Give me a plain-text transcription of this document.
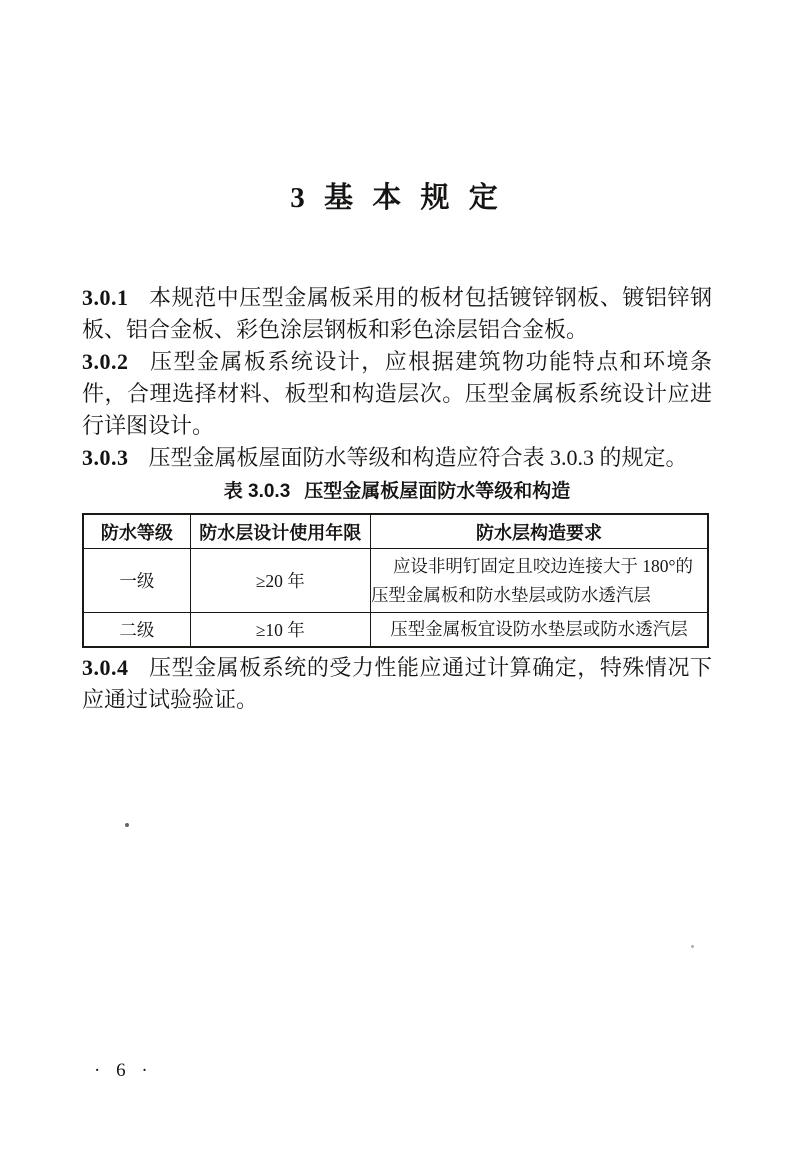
3 基 本 规 定

3.0.1 本规范中压型金属板采用的板材包括镀锌钢板、镀铝锌钢板、铝合金板、彩色涂层钢板和彩色涂层铝合金板。

3.0.2 压型金属板系统设计，应根据建筑物功能特点和环境条件，合理选择材料、板型和构造层次。压型金属板系统设计应进行详图设计。

3.0.3 压型金属板屋面防水等级和构造应符合表 3.0.3 的规定。

表 3.0.3 压型金属板屋面防水等级和构造
防水等级	防水层设计使用年限	防水层构造要求
一级	≥20 年	应设非明钉固定且咬边连接大于 180°的
压型金属板和防水垫层或防水透汽层

二级	≥10 年	压型金属板宜设防水垫层或防水透汽层

3.0.4 压型金属板系统的受力性能应通过计算确定，特殊情况下应通过试验验证。

· 6 ·
